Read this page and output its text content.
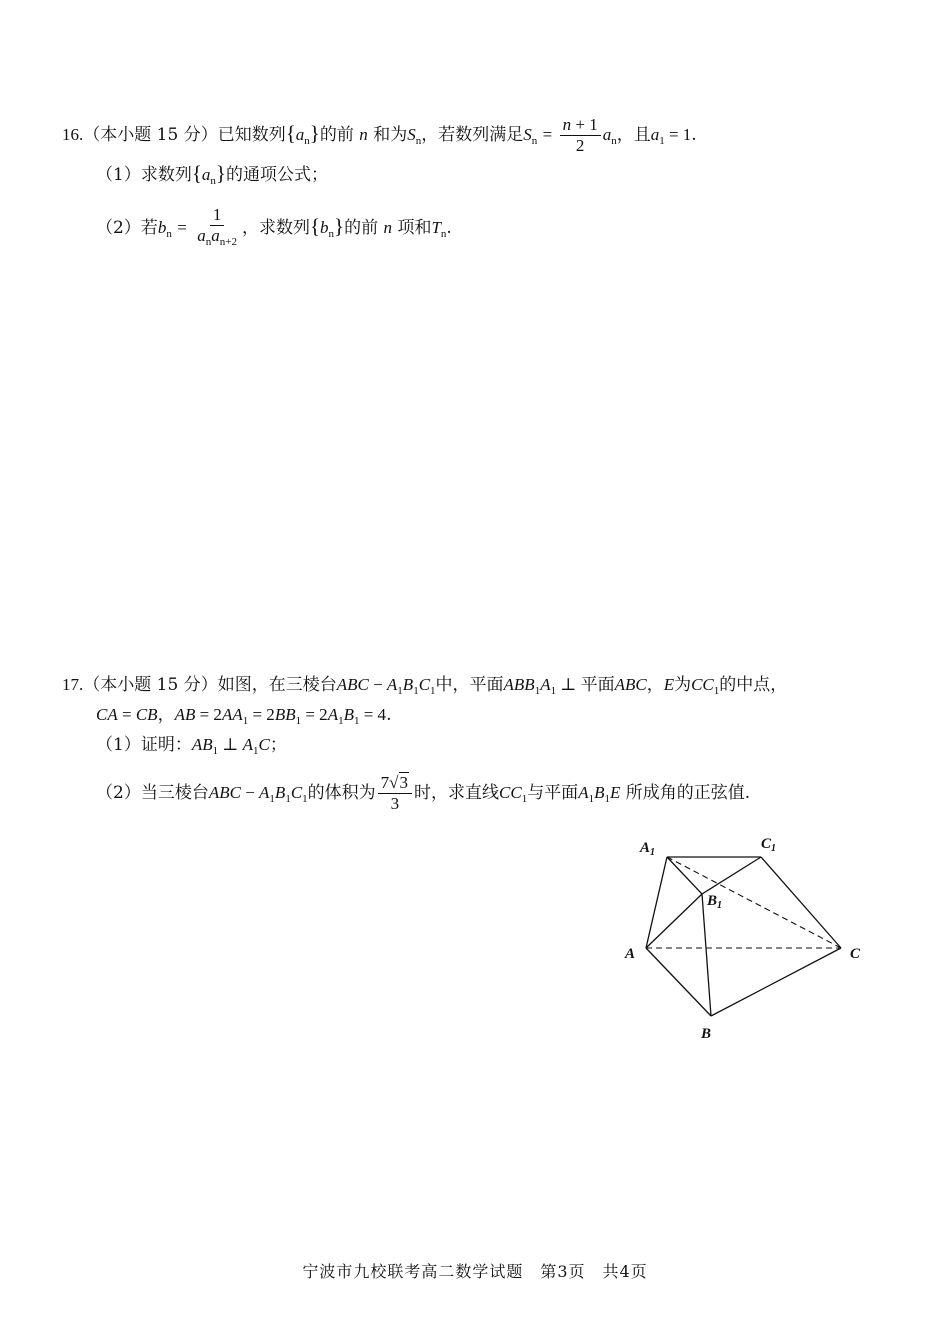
16.（本小题 15 分）已知数列$\{a_n\}$的前 n 和为$S_n$，若数列满足$S_n = \frac{n + 1}{2} a_n$，且$a_1 = 1$.
（1）求数列$\{a_n\}$的通项公式；
（2）若$b_n = \frac{1}{a_na_{n+2}}$ ，求数列$\{b_n\}$的前 n 项和$T_n$.
17.（本小题 15 分）如图，在三棱台ABC − $A_1B_1C_1$中，平面$ABB_1A_1$ ⊥ 平面ABC，E为$CC_1$的中点，
CA = CB，AB = $2AA_1 = 2BB_1 = 2A_1B_1 = 4$.
（1）证明：$AB_1$ ⊥ $A_1C$；
（2）当三棱台ABC − $A_1B_1C_1$的体积为 $\frac{7√3}{3}$ 时，求直线$CC_1$与平面$A_1B_1E$ 所成角的正弦值.
$A_1$
$C_1$
$B_1$
A	C
B
宁波市九校联考高二数学试题　第3页　共4页
